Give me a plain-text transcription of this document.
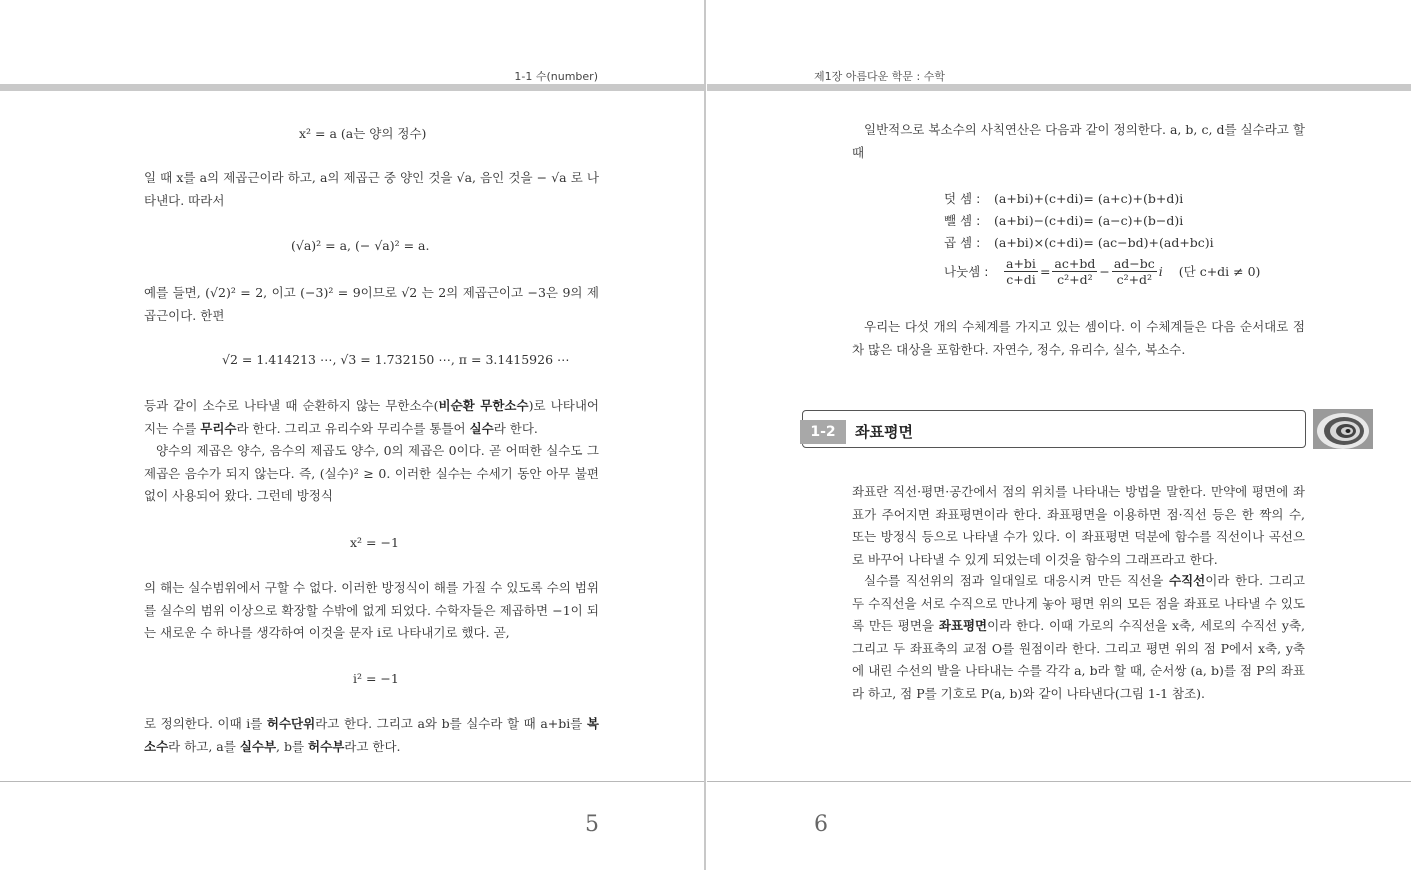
1-1 수(number)
x² = a (a는 양의 정수)
일 때 x를 a의 제곱근이라 하고, a의 제곱근 중 양인 것을 √a, 음인 것을 − √a 로 나타낸다. 따라서
(√a)² = a, (− √a)² = a.
예를 들면, (√2)² = 2, 이고 (−3)² = 9이므로 √2 는 2의 제곱근이고 −3은 9의 제곱근이다. 한편
√2 = 1.414213 ⋯, √3 = 1.732150 ⋯, π = 3.1415926 ⋯
등과 같이 소수로 나타낼 때 순환하지 않는 무한소수(비순환 무한소수)로 나타내어지는 수를 무리수라 한다. 그리고 유리수와 무리수를 통틀어 실수라 한다.
양수의 제곱은 양수, 음수의 제곱도 양수, 0의 제곱은 0이다. 곧 어떠한 실수도 그 제곱은 음수가 되지 않는다. 즉, (실수)² ≥ 0. 이러한 실수는 수세기 동안 아무 불편 없이 사용되어 왔다. 그런데 방정식
x² = −1
의 해는 실수범위에서 구할 수 없다. 이러한 방정식이 해를 가질 수 있도록 수의 범위를 실수의 범위 이상으로 확장할 수밖에 없게 되었다. 수학자들은 제곱하면 −1이 되는 새로운 수 하나를 생각하여 이것을 문자 i로 나타내기로 했다. 곧,
i² = −1
로 정의한다. 이때 i를 허수단위라고 한다. 그리고 a와 b를 실수라 할 때 a+bi를 복소수라 하고, a를 실수부, b를 허수부라고 한다.
5
제1장 아름다운 학문 : 수학
일반적으로 복소수의 사칙연산은 다음과 같이 정의한다. a, b, c, d를 실수라고 할 때
덧 셈 :	(a+bi)+(c+di)= (a+c)+(b+d)i
뺄 셈 :	(a+bi)−(c+di)= (a−c)+(b−d)i
곱 셈 :	(a+bi)×(c+di)= (ac−bd)+(ad+bc)i
나눗셈 :	$\frac{a+bi}{c+di} = \frac{ac+bd}{\text{c²+d²}} - \frac{ad-bc}{\text{c²+d²}}$ i (단 c+di ≠ 0)
우리는 다섯 개의 수체계를 가지고 있는 셈이다. 이 수체계들은 다음 순서대로 점차 많은 대상을 포함한다. 자연수, 정수, 유리수, 실수, 복소수.
1-2	좌표평면
좌표란 직선·평면·공간에서 점의 위치를 나타내는 방법을 말한다. 만약에 평면에 좌표가 주어지면 좌표평면이라 한다. 좌표평면을 이용하면 점·직선 등은 한 짝의 수, 또는 방정식 등으로 나타낼 수가 있다. 이 좌표평면 덕분에 함수를 직선이나 곡선으로 바꾸어 나타낼 수 있게 되었는데 이것을 함수의 그래프라고 한다.
실수를 직선위의 점과 일대일로 대응시켜 만든 직선을 수직선이라 한다. 그리고 두 수직선을 서로 수직으로 만나게 놓아 평면 위의 모든 점을 좌표로 나타낼 수 있도록 만든 평면을 좌표평면이라 한다. 이때 가로의 수직선을 x축, 세로의 수직선 y축, 그리고 두 좌표축의 교점 O를 원점이라 한다. 그리고 평면 위의 점 P에서 x축, y축에 내린 수선의 발을 나타내는 수를 각각 a, b라 할 때, 순서쌍 (a, b)를 점 P의 좌표라 하고, 점 P를 기호로 P(a, b)와 같이 나타낸다(그림 1-1 참조).
6
